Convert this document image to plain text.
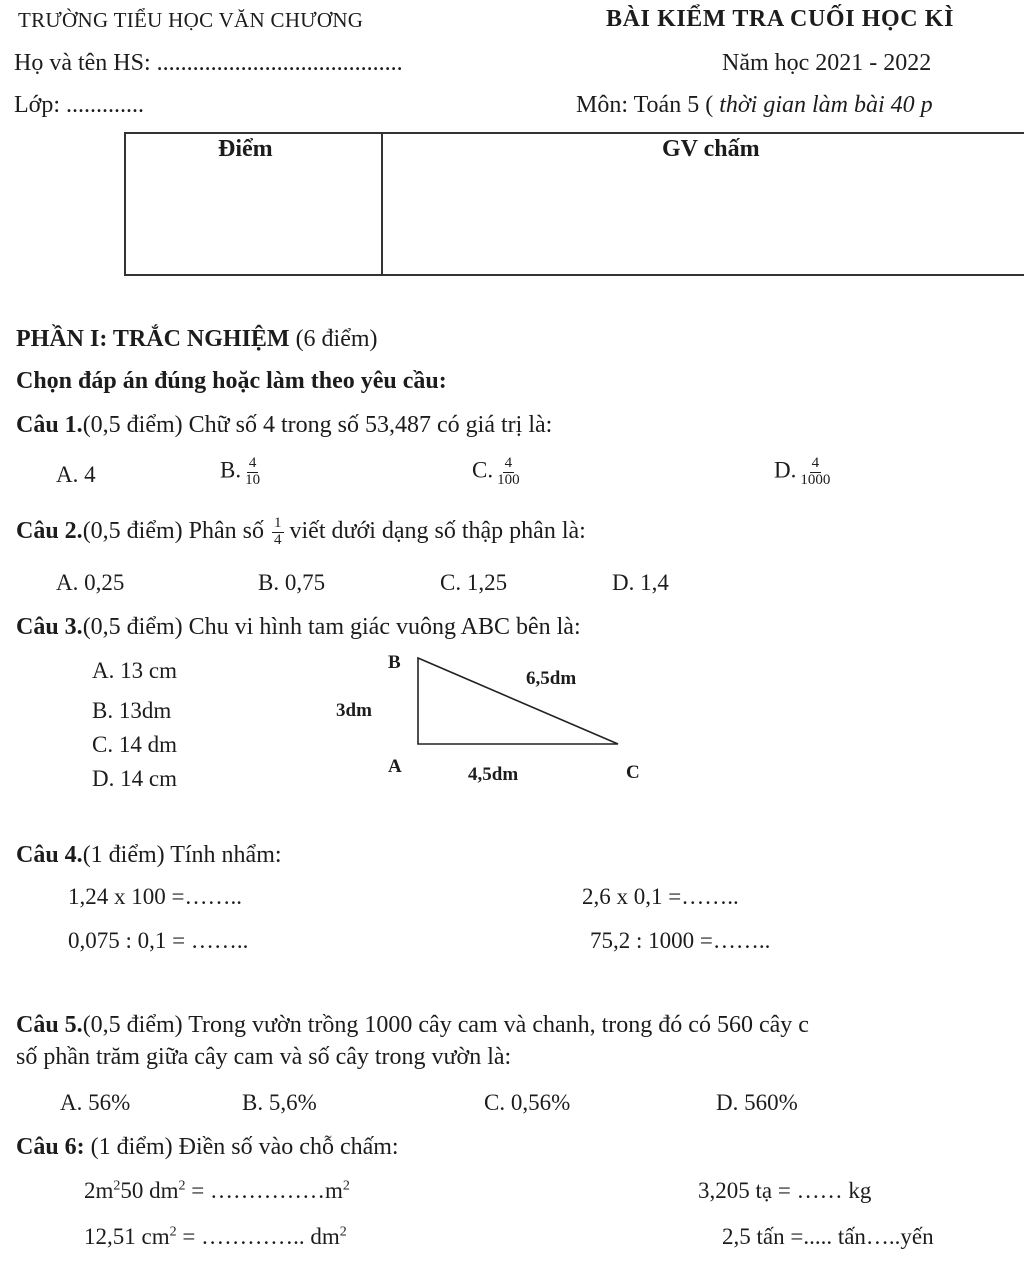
TRƯỜNG TIỂU HỌC VĂN CHƯƠNG	BÀI KIỂM TRA CUỐI HỌC KÌ
Họ và tên HS: .........................................	Năm học 2021 - 2022
Lớp: .............	Môn: Toán 5 ( thời gian làm bài 40 p
Điểm	GV chấm
PHẦN I: TRẮC NGHIỆM (6 điểm)
Chọn đáp án đúng hoặc làm theo yêu cầu:
Câu 1.(0,5 điểm) Chữ số 4 trong số 53,487 có giá trị là:
A. 4	B. $\frac{4}{10}$	C. $\frac{4}{100}$	D. $\frac{4}{1000}$
Câu 2.(0,5 điểm) Phân số $\frac{1}{4}$ viết dưới dạng số thập phân là:
A. 0,25	B. 0,75	C. 1,25	D. 1,4
Câu 3.(0,5 điểm) Chu vi hình tam giác vuông ABC bên là:
A. 13 cm
B. 13dm
C. 14 dm
D. 14 cm
B
A	C
3dm
4,5dm
6,5dm
Câu 4.(1 điểm) Tính nhẩm:
1,24 x 100 =……..	2,6 x 0,1 =……..
0,075 : 0,1 = ……..	75,2 : 1000 =……..
Câu 5.(0,5 điểm) Trong vườn trồng 1000 cây cam và chanh, trong đó có 560 cây c
số phần trăm giữa cây cam và số cây trong vườn là:
A. 56%	B. 5,6%	C. 0,56%	D. 560%
Câu 6: (1 điểm) Điền số vào chỗ chấm:
$2m^250$ $dm^2$ = $\dots\dots\dots\dots\dots m^2$	3,205 tạ = …… kg
12,51 $cm^2$ = ………….. $dm^2$	2,5 tấn =..... tấn…..yến
